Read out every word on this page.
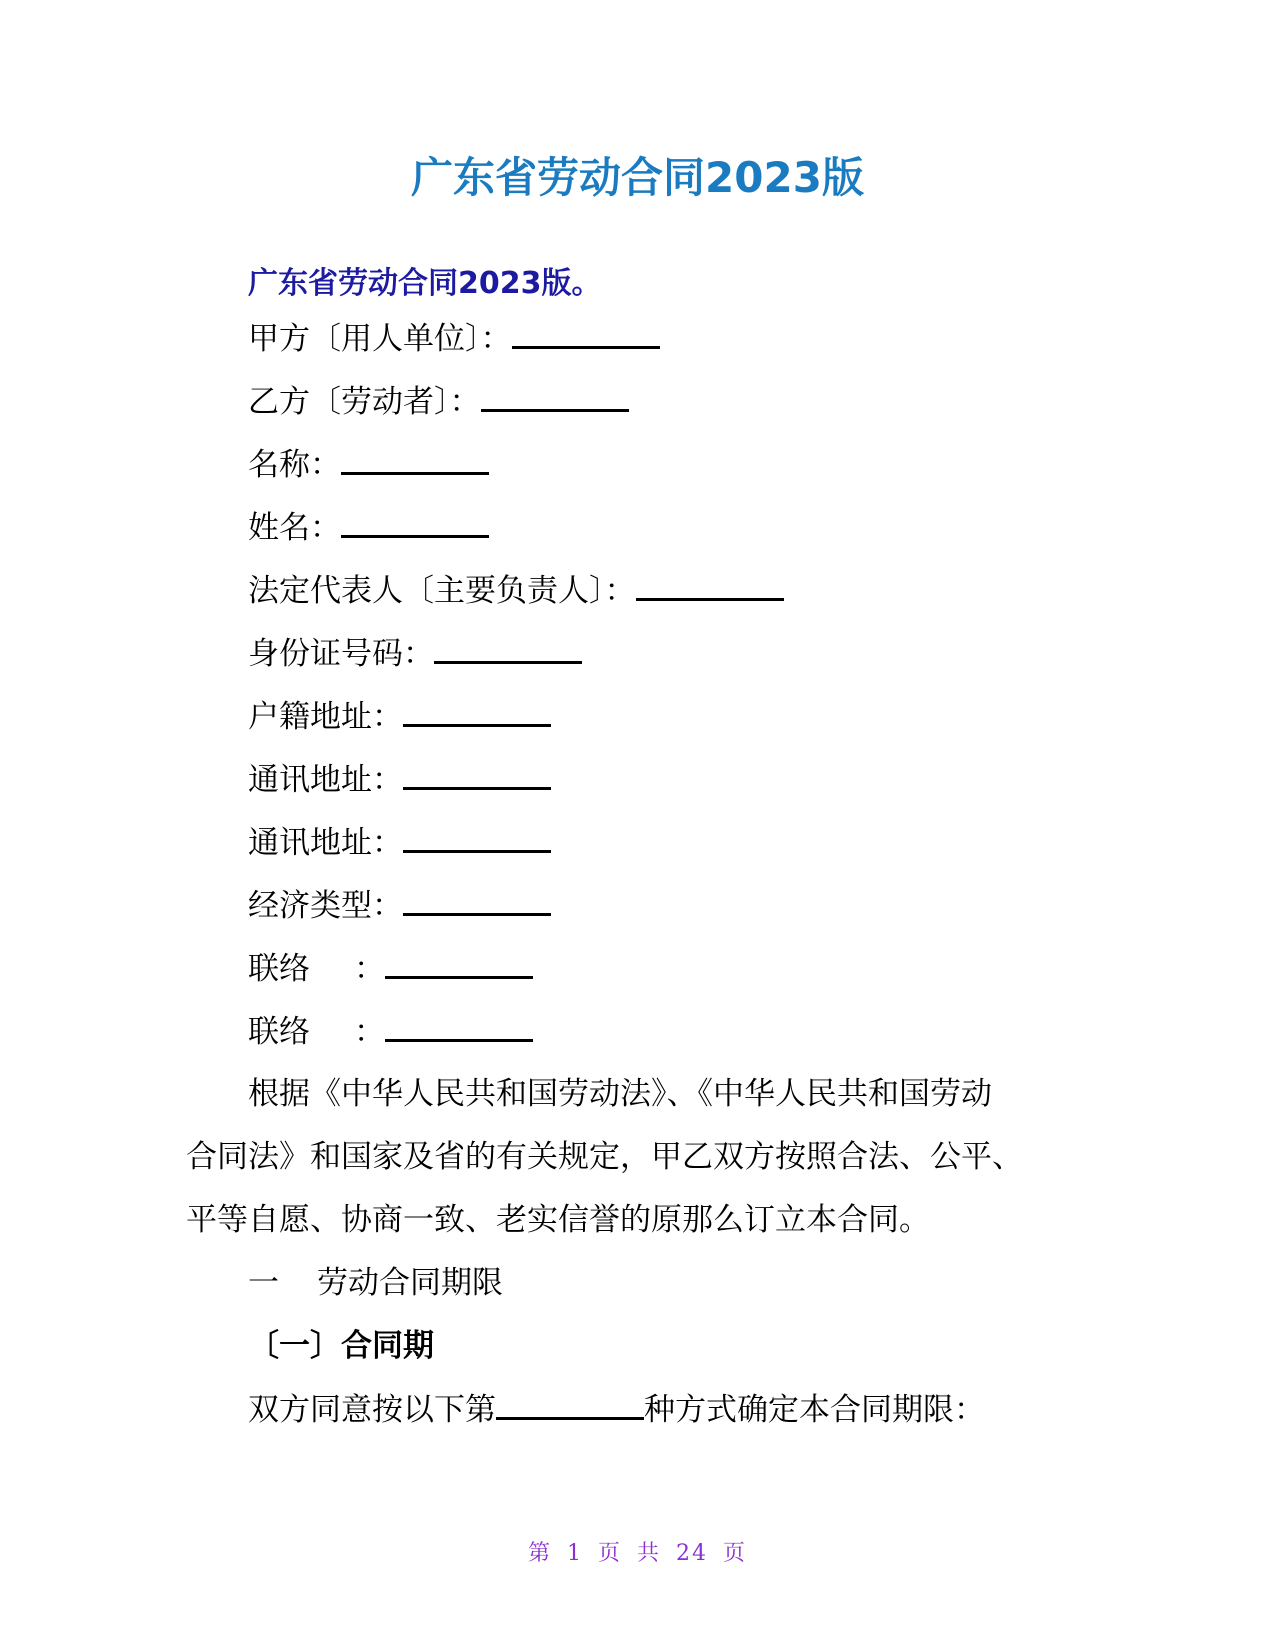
广东省劳动合同2023版
广东省劳动合同2023版。
甲方〔用人单位〕：
乙方〔劳动者〕：
名称：
姓名：
法定代表人〔主要负责人〕：
身份证号码：
户籍地址：
通讯地址：
通讯地址：
经济类型：
联络 ：
联络 ：
根据《中华人民共和国劳动法》、《中华人民共和国劳动
合同法》和国家及省的有关规定，甲乙双方按照合法、公平、
平等自愿、协商一致、老实信誉的原那么订立本合同。
一 劳动合同期限
〔一〕合同期
双方同意按以下第	种方式确定本合同期限：
第 1 页 共 24 页
